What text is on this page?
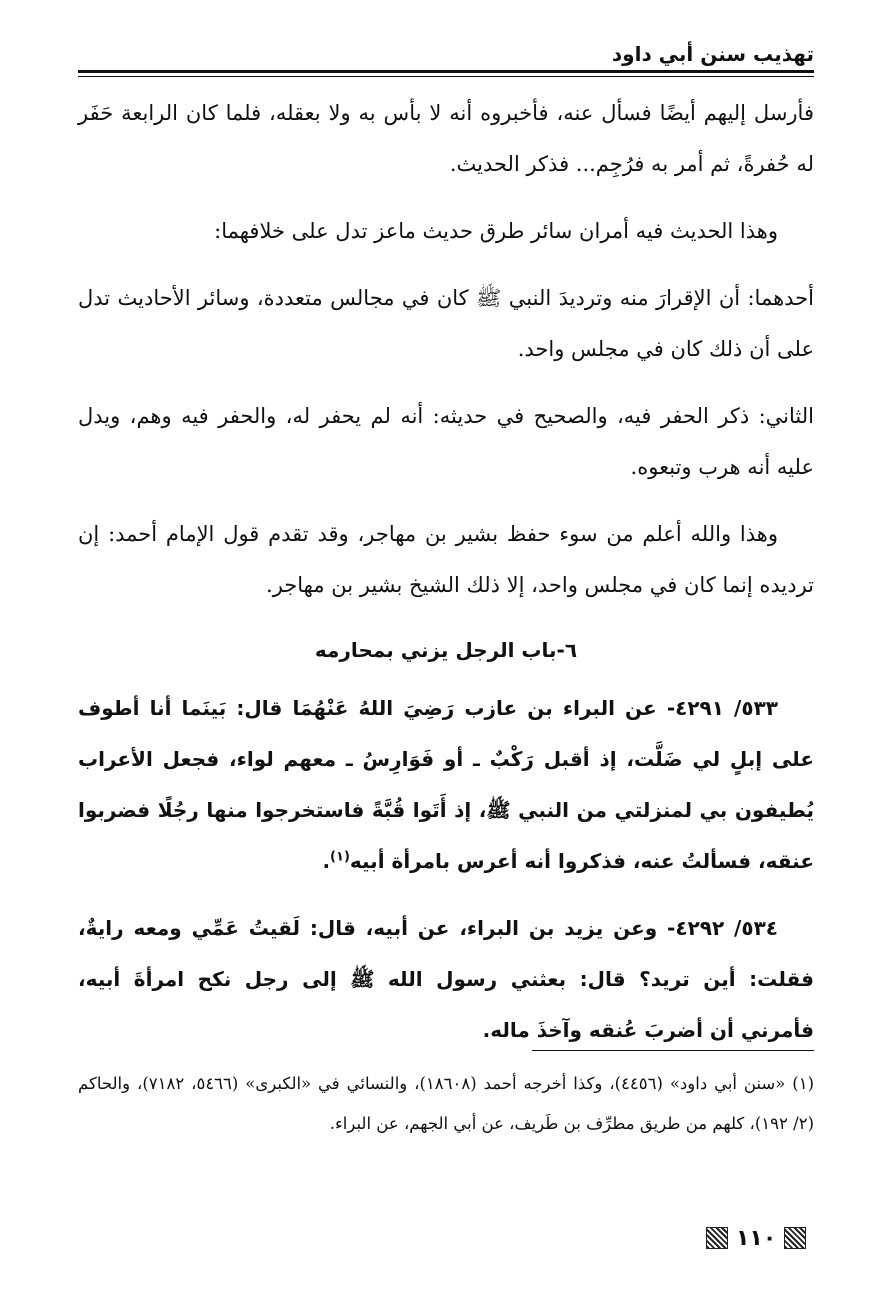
تهذيب سنن أبي داود

فأرسل إليهم أيضًا فسأل عنه، فأخبروه أنه لا بأس به ولا بعقله، فلما كان الرابعة حَفَر له حُفرةً، ثم أمر به فرُجِم... فذكر الحديث.

وهذا الحديث فيه أمران سائر طرق حديث ماعز تدل على خلافهما:

أحدهما: أن الإقرارَ منه وترديدَ النبي ﷺ كان في مجالس متعددة، وسائر الأحاديث تدل على أن ذلك كان في مجلس واحد.

الثاني: ذكر الحفر فيه، والصحيح في حديثه: أنه لم يحفر له، والحفر فيه وهم، ويدل عليه أنه هرب وتبعوه.

وهذا والله أعلم من سوء حفظ بشير بن مهاجر، وقد تقدم قول الإمام أحمد: إن ترديده إنما كان في مجلس واحد، إلا ذلك الشيخ بشير بن مهاجر.

٦-باب الرجل يزني بمحارمه

٥٣٣/ ٤٢٩١- عن البراء بن عازب رَضِيَ اللهُ عَنْهُمَا قال: بَينَما أنا أطوف على إبلٍ لي ضَلَّت، إذ أقبل رَكْبٌ ـ أو فَوَارِسُ ـ معهم لواء، فجعل الأعراب يُطيفون بي لمنزلتي من النبي ﷺ، إذ أَتَوا قُبَّةً فاستخرجوا منها رجُلًا فضربوا عنقه، فسألتُ عنه، فذكروا أنه أعرس بامرأة أبيه$^{(١)}$.

٥٣٤/ ٤٢٩٢- وعن يزيد بن البراء، عن أبيه، قال: لَقيتُ عَمِّي ومعه رايةٌ، فقلت: أين تريد؟ قال: بعثني رسول الله ﷺ إلى رجل نكح امرأةَ أبيه، فأمرني أن أضربَ عُنقه وآخذَ ماله.

(١) «سنن أبي داود» (٤٤٥٦)، وكذا أخرجه أحمد (١٨٦٠٨)، والنسائي في «الكبرى» (٥٤٦٦، ٧١٨٢)، والحاكم (٢/ ١٩٢)، كلهم من طريق مطرِّف بن طَريف، عن أبي الجهم، عن البراء.

١١٠
